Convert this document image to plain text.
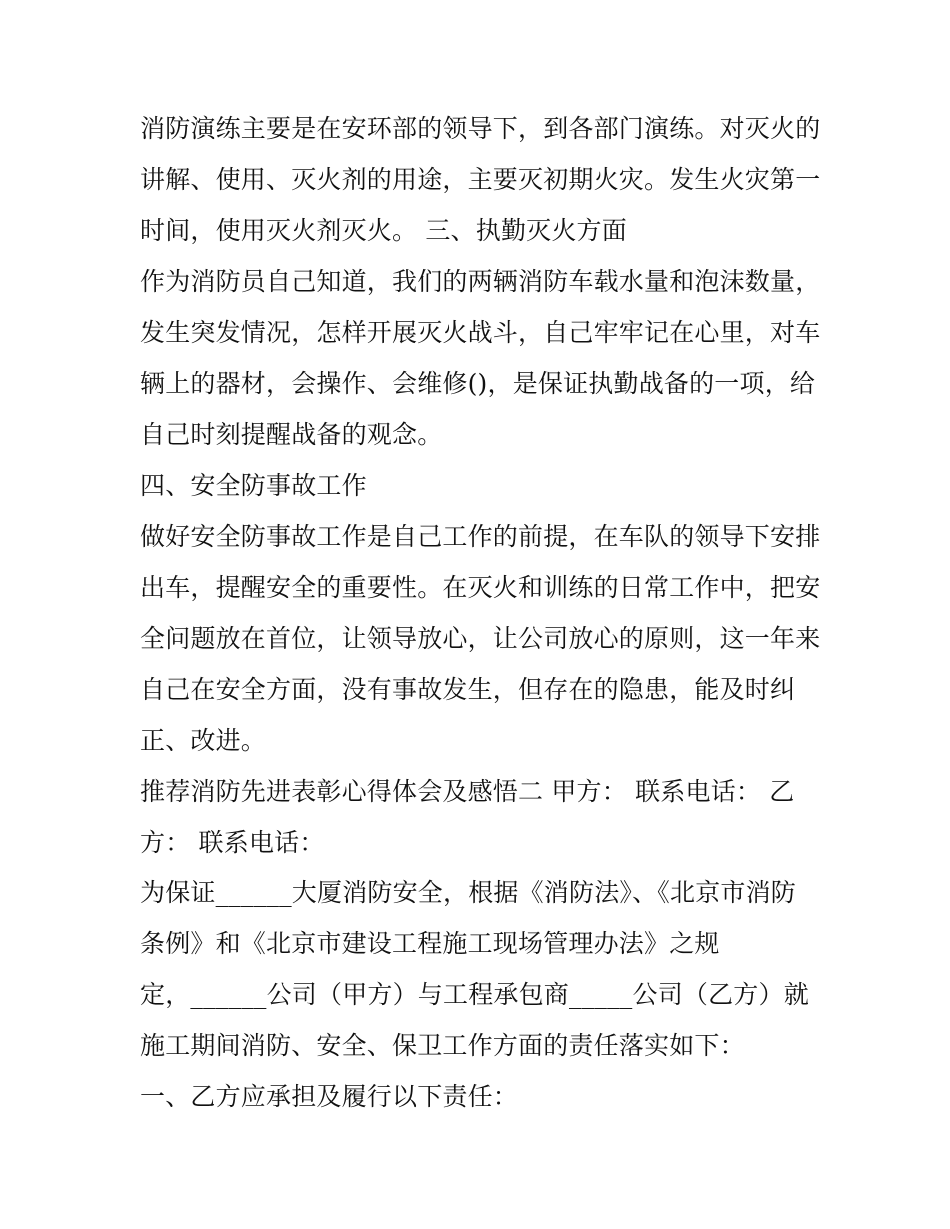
消防演练主要是在安环部的领导下，到各部门演练。对灭火的
讲解、使用、灭火剂的用途，主要灭初期火灾。发生火灾第一
时间，使用灭火剂灭火。 三、执勤灭火方面
作为消防员自己知道，我们的两辆消防车载水量和泡沫数量，
发生突发情况，怎样开展灭火战斗，自己牢牢记在心里，对车
辆上的器材，会操作、会维修()，是保证执勤战备的一项，给
自己时刻提醒战备的观念。
四、安全防事故工作
做好安全防事故工作是自己工作的前提，在车队的领导下安排
出车，提醒安全的重要性。在灭火和训练的日常工作中，把安
全问题放在首位，让领导放心，让公司放心的原则，这一年来
自己在安全方面，没有事故发生，但存在的隐患，能及时纠
正、改进。
推荐消防先进表彰心得体会及感悟二 甲方： 联系电话： 乙
方： 联系电话：
为保证______大厦消防安全，根据《消防法》、《北京市消防
条例》和《北京市建设工程施工现场管理办法》之规
定，______公司（甲方）与工程承包商_____公司（乙方）就
施工期间消防、安全、保卫工作方面的责任落实如下：
一、乙方应承担及履行以下责任：
